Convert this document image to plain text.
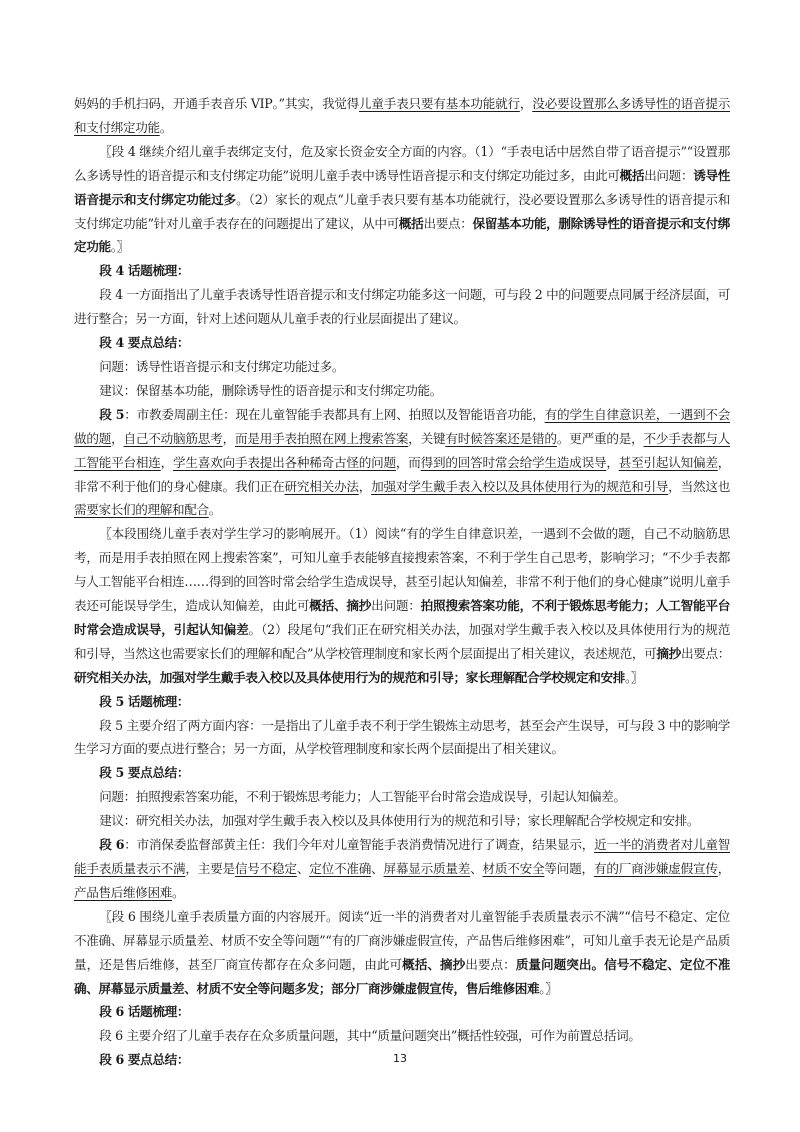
妈妈的手机扫码，开通手表音乐 VIP。”其实，我觉得儿童手表只要有基本功能就行，没必要设置那么多诱导性的语音提示和支付绑定功能。

〖段 4 继续介绍儿童手表绑定支付，危及家长资金安全方面的内容。（1）“手表电话中居然自带了语音提示”“设置那么多诱导性的语音提示和支付绑定功能”说明儿童手表中诱导性语音提示和支付绑定功能过多，由此可概括出问题：诱导性语音提示和支付绑定功能过多。（2）家长的观点“儿童手表只要有基本功能就行，没必要设置那么多诱导性的语音提示和支付绑定功能”针对儿童手表存在的问题提出了建议，从中可概括出要点：保留基本功能，删除诱导性的语音提示和支付绑定功能。〗

段 4 话题梳理：

段 4 一方面指出了儿童手表诱导性语音提示和支付绑定功能多这一问题，可与段 2 中的问题要点同属于经济层面，可进行整合；另一方面，针对上述问题从儿童手表的行业层面提出了建议。

段 4 要点总结：

问题：诱导性语音提示和支付绑定功能过多。

建议：保留基本功能，删除诱导性的语音提示和支付绑定功能。

段 5：市教委周副主任：现在儿童智能手表都具有上网、拍照以及智能语音功能，有的学生自律意识差，一遇到不会做的题，自己不动脑筋思考，而是用手表拍照在网上搜索答案，关键有时候答案还是错的。更严重的是，不少手表都与人工智能平台相连，学生喜欢向手表提出各种稀奇古怪的问题，而得到的回答时常会给学生造成误导，甚至引起认知偏差，非常不利于他们的身心健康。我们正在研究相关办法，加强对学生戴手表入校以及具体使用行为的规范和引导，当然这也需要家长们的理解和配合。

〖本段围绕儿童手表对学生学习的影响展开。（1）阅读“有的学生自律意识差，一遇到不会做的题，自己不动脑筋思考，而是用手表拍照在网上搜索答案”，可知儿童手表能够直接搜索答案，不利于学生自己思考，影响学习；“不少手表都与人工智能平台相连……得到的回答时常会给学生造成误导，甚至引起认知偏差，非常不利于他们的身心健康”说明儿童手表还可能误导学生，造成认知偏差，由此可概括、摘抄出问题：拍照搜索答案功能，不利于锻炼思考能力；人工智能平台时常会造成误导，引起认知偏差。（2）段尾句“我们正在研究相关办法，加强对学生戴手表入校以及具体使用行为的规范和引导，当然这也需要家长们的理解和配合”从学校管理制度和家长两个层面提出了相关建议，表述规范，可摘抄出要点：研究相关办法，加强对学生戴手表入校以及具体使用行为的规范和引导；家长理解配合学校规定和安排。〗

段 5 话题梳理：

段 5 主要介绍了两方面内容：一是指出了儿童手表不利于学生锻炼主动思考，甚至会产生误导，可与段 3 中的影响学生学习方面的要点进行整合；另一方面，从学校管理制度和家长两个层面提出了相关建议。

段 5 要点总结：

问题：拍照搜索答案功能，不利于锻炼思考能力；人工智能平台时常会造成误导，引起认知偏差。

建议：研究相关办法，加强对学生戴手表入校以及具体使用行为的规范和引导；家长理解配合学校规定和安排。

段 6：市消保委监督部黄主任：我们今年对儿童智能手表消费情况进行了调查，结果显示，近一半的消费者对儿童智能手表质量表示不满，主要是信号不稳定、定位不准确、屏幕显示质量差、材质不安全等问题，有的厂商涉嫌虚假宣传，产品售后维修困难。

〖段 6 围绕儿童手表质量方面的内容展开。阅读“近一半的消费者对儿童智能手表质量表示不满”“信号不稳定、定位不准确、屏幕显示质量差、材质不安全等问题”“有的厂商涉嫌虚假宣传，产品售后维修困难”，可知儿童手表无论是产品质量，还是售后维修，甚至厂商宣传都存在众多问题，由此可概括、摘抄出要点：质量问题突出。信号不稳定、定位不准确、屏幕显示质量差、材质不安全等问题多发；部分厂商涉嫌虚假宣传，售后维修困难。〗

段 6 话题梳理：

段 6 主要介绍了儿童手表存在众多质量问题，其中“质量问题突出”概括性较强，可作为前置总括词。

段 6 要点总结：	13
